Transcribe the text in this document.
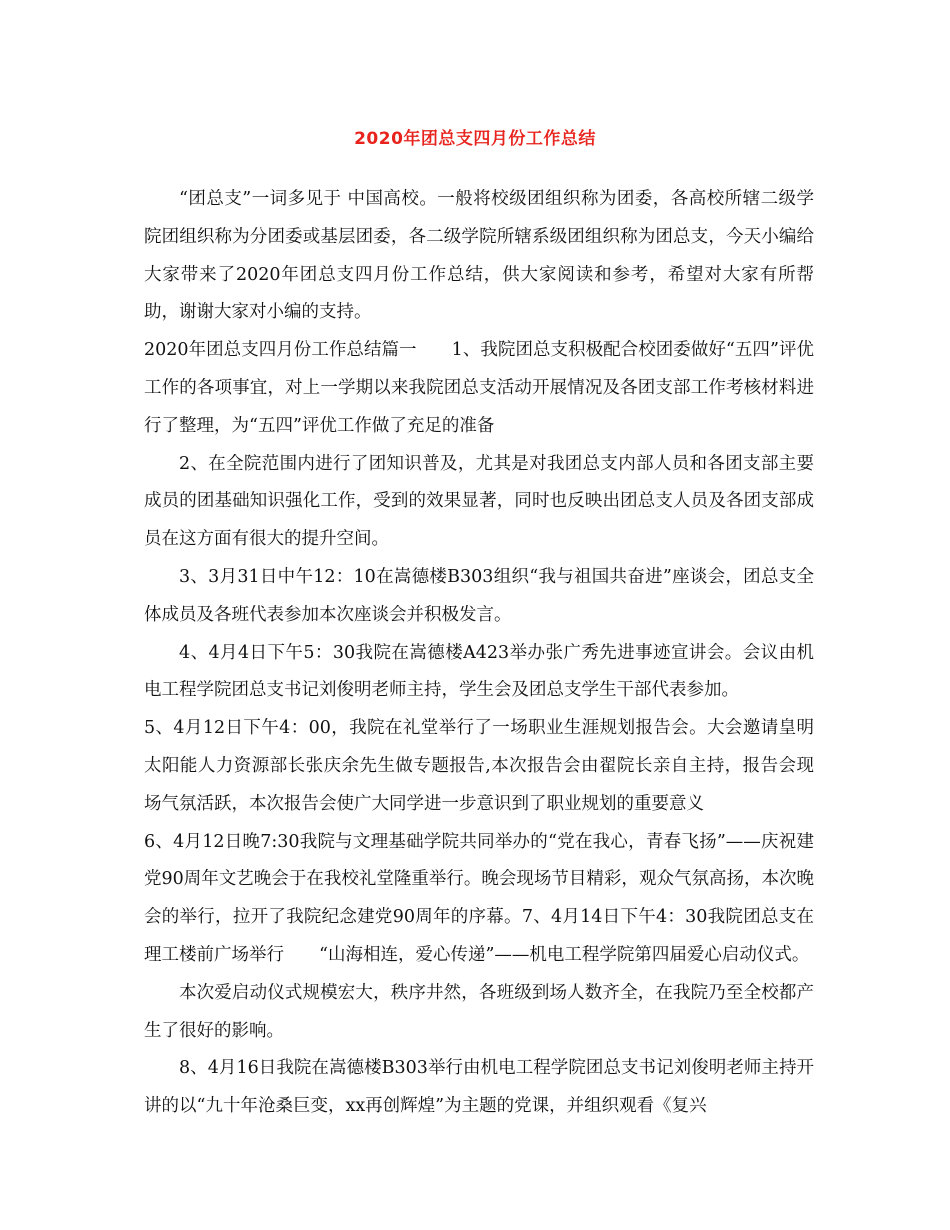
2020年团总支四月份工作总结

“团总支”一词多见于 中国高校。一般将校级团组织称为团委，各高校所辖二级学院团组织称为分团委或基层团委，各二级学院所辖系级团组织称为团总支，今天小编给大家带来了2020年团总支四月份工作总结，供大家阅读和参考，希望对大家有所帮助，谢谢大家对小编的支持。

2020年团总支四月份工作总结篇一　　1、我院团总支积极配合校团委做好“五四”评优工作的各项事宜，对上一学期以来我院团总支活动开展情况及各团支部工作考核材料进行了整理，为“五四”评优工作做了充足的准备

2、在全院范围内进行了团知识普及，尤其是对我团总支内部人员和各团支部主要成员的团基础知识强化工作，受到的效果显著，同时也反映出团总支人员及各团支部成员在这方面有很大的提升空间。

3、3月31日中午12：10在嵩德楼B303组织“我与祖国共奋进”座谈会，团总支全体成员及各班代表参加本次座谈会并积极发言。

4、4月4日下午5：30我院在嵩德楼A423举办张广秀先进事迹宣讲会。会议由机电工程学院团总支书记刘俊明老师主持，学生会及团总支学生干部代表参加。

5、4月12日下午4：00，我院在礼堂举行了一场职业生涯规划报告会。大会邀请皇明太阳能人力资源部长张庆余先生做专题报告,本次报告会由翟院长亲自主持，报告会现场气氛活跃，本次报告会使广大同学进一步意识到了职业规划的重要意义

6、4月12日晚7:30我院与文理基础学院共同举办的“党在我心，青春飞扬”——庆祝建党90周年文艺晚会于在我校礼堂隆重举行。晚会现场节目精彩，观众气氛高扬，本次晚会的举行，拉开了我院纪念建党90周年的序幕。7、4月14日下午4：30我院团总支在理工楼前广场举行　　“山海相连，爱心传递”——机电工程学院第四届爱心启动仪式。

本次爱启动仪式规模宏大，秩序井然，各班级到场人数齐全，在我院乃至全校都产生了很好的影响。

8、4月16日我院在嵩德楼B303举行由机电工程学院团总支书记刘俊明老师主持开讲的以“九十年沧桑巨变，xx再创辉煌”为主题的党课，并组织观看《复兴
